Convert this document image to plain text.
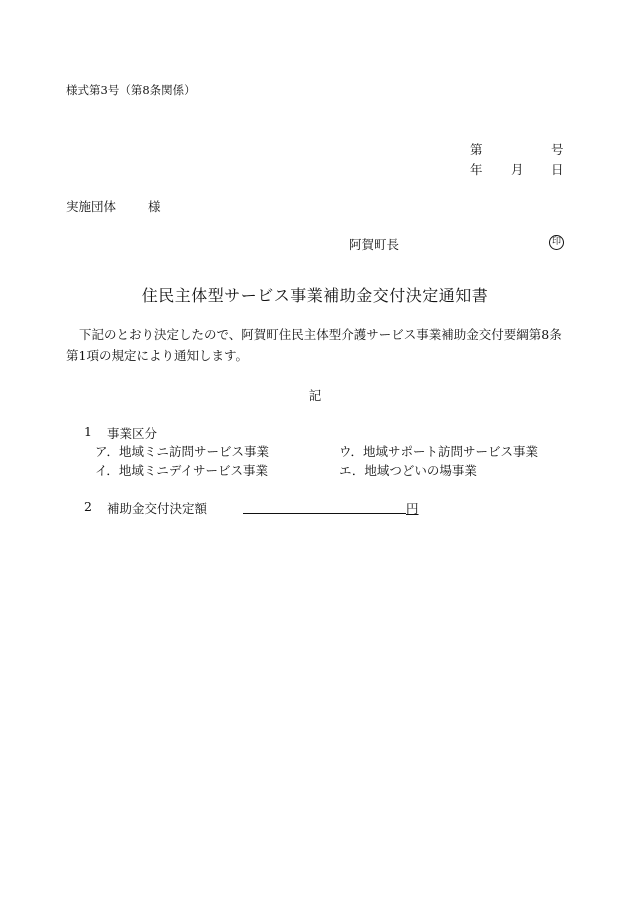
様式第3号（第8条関係）
第	号
年 月 日
実施団体	様
阿賀町長	印
住民主体型サービス事業補助金交付決定通知書
下記のとおり決定したので、阿賀町住民主体型介護サービス事業補助金交付要綱第8条第1項の規定により通知します。
記
1 事業区分
ア．地域ミニ訪問サービス事業	ウ．地域サポート訪問サービス事業
イ．地域ミニデイサービス事業	エ．地域つどいの場事業
2 補助金交付決定額	円
